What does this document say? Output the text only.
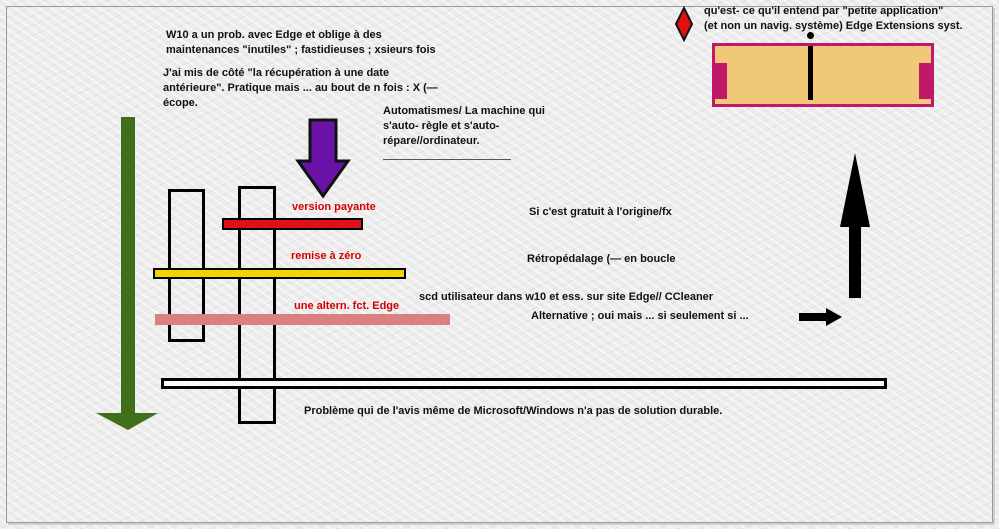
W10 a un prob. avec Edge et oblige à des
maintenances "inutiles" ; fastidieuses ; xsieurs fois
J'ai mis de côté "la récupération à une date
antérieure". Pratique mais ... au bout de n fois : X (—
écope.
Automatismes/ La machine qui
s'auto- règle et s'auto-
répare//ordinateur.
qu'est- ce qu'il entend par "petite application"
(et non un navig. système) Edge Extensions syst.
version payante
remise à zéro
une altern. fct. Edge
Si c'est gratuit à l'origine/fx
Rétropédalage (— en boucle
scd utilisateur dans w10 et ess. sur site Edge// CCleaner
Alternative ; oui mais ... si seulement si ...
Problème qui de l'avis même de Microsoft/Windows n'a pas de solution durable.
